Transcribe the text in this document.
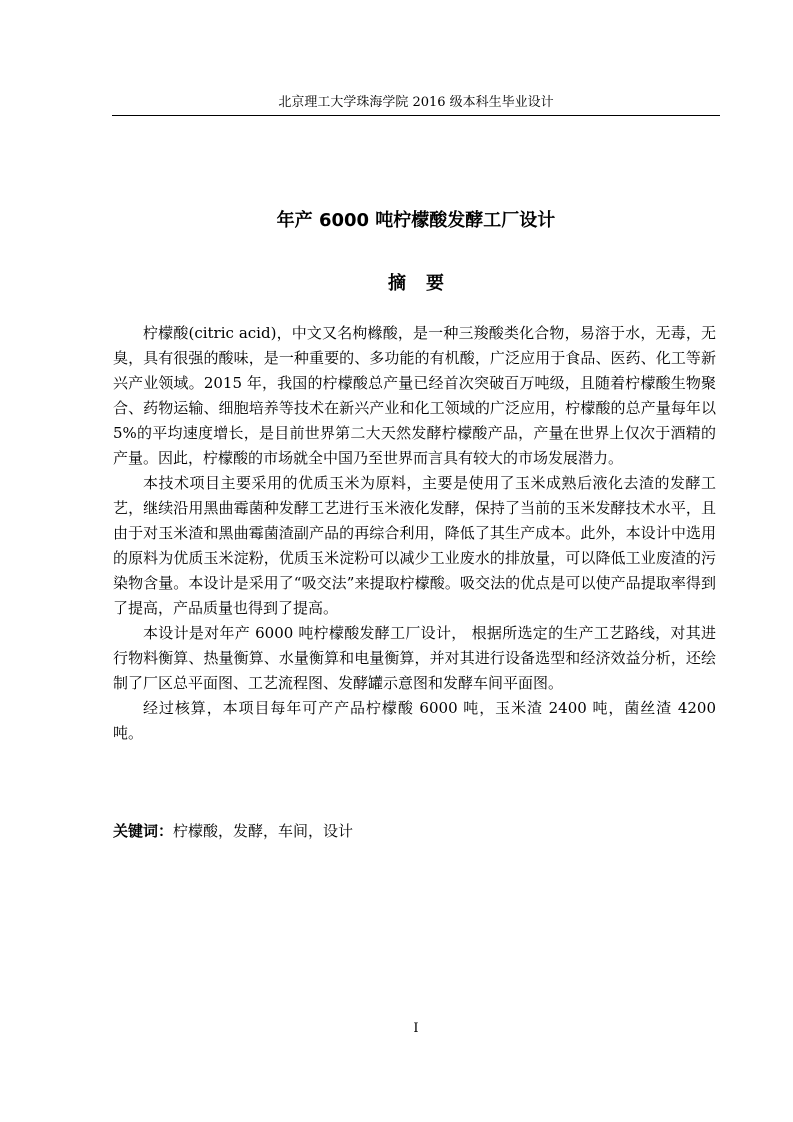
北京理工大学珠海学院 2016 级本科生毕业设计
年产 6000 吨柠檬酸发酵工厂设计
摘要

柠檬酸(citric acid)，中文又名枸橼酸，是一种三羧酸类化合物，易溶于水，无毒，无臭，具有很强的酸味，是一种重要的、多功能的有机酸，广泛应用于食品、医药、化工等新兴产业领域。2015 年，我国的柠檬酸总产量已经首次突破百万吨级，且随着柠檬酸生物聚合、药物运输、细胞培养等技术在新兴产业和化工领域的广泛应用，柠檬酸的总产量每年以 5%的平均速度增长，是目前世界第二大天然发酵柠檬酸产品，产量在世界上仅次于酒精的产量。因此，柠檬酸的市场就全中国乃至世界而言具有较大的市场发展潜力。

本技术项目主要采用的优质玉米为原料，主要是使用了玉米成熟后液化去渣的发酵工艺，继续沿用黑曲霉菌种发酵工艺进行玉米液化发酵，保持了当前的玉米发酵技术水平，且由于对玉米渣和黑曲霉菌渣副产品的再综合利用，降低了其生产成本。此外，本设计中选用的原料为优质玉米淀粉，优质玉米淀粉可以减少工业废水的排放量，可以降低工业废渣的污染物含量。本设计是采用了“吸交法”来提取柠檬酸。吸交法的优点是可以使产品提取率得到了提高，产品质量也得到了提高。

本设计是对年产 6000 吨柠檬酸发酵工厂设计， 根据所选定的生产工艺路线，对其进行物料衡算、热量衡算、水量衡算和电量衡算，并对其进行设备选型和经济效益分析，还绘制了厂区总平面图、工艺流程图、发酵罐示意图和发酵车间平面图。

经过核算，本项目每年可产产品柠檬酸 6000 吨，玉米渣 2400 吨，菌丝渣 4200 吨。

关键词：柠檬酸，发酵，车间，设计
I
